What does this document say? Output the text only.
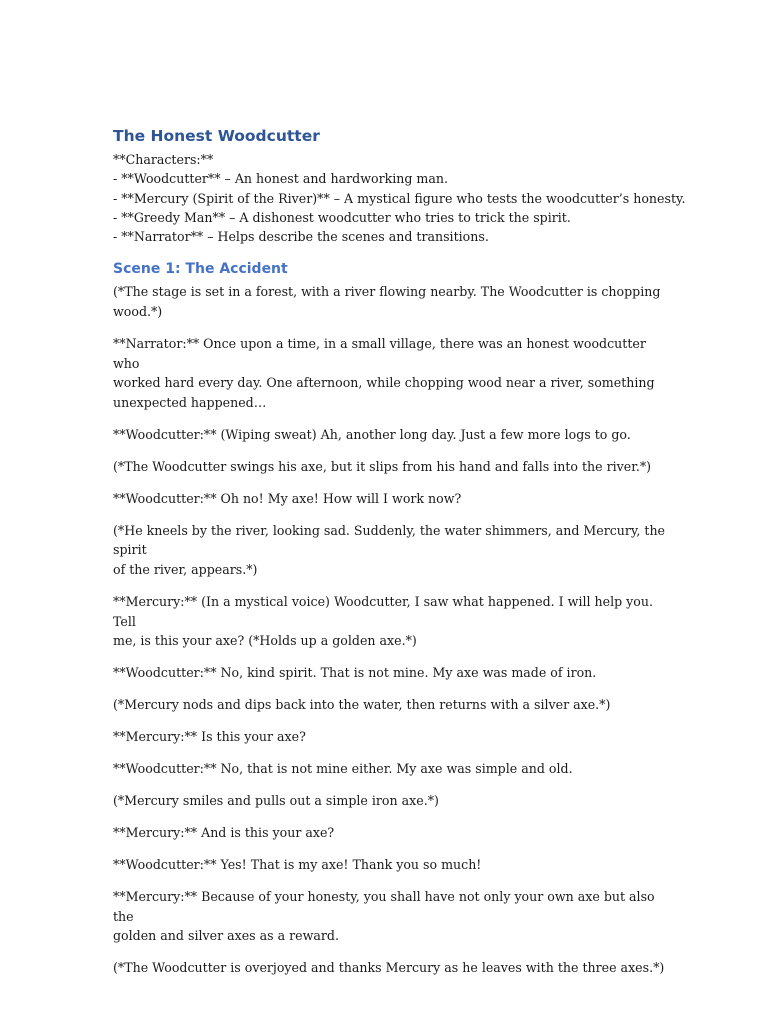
The Honest Woodcutter

**Characters:**

- **Woodcutter** – An honest and hardworking man.

- **Mercury (Spirit of the River)** – A mystical figure who tests the woodcutter’s honesty.

- **Greedy Man** – A dishonest woodcutter who tries to trick the spirit.

- **Narrator** – Helps describe the scenes and transitions.

Scene 1: The Accident
(*The stage is set in a forest, with a river flowing nearby. The Woodcutter is chopping
wood.*)
**Narrator:** Once upon a time, in a small village, there was an honest woodcutter who
worked hard every day. One afternoon, while chopping wood near a river, something
unexpected happened…
**Woodcutter:** (Wiping sweat) Ah, another long day. Just a few more logs to go.
(*The Woodcutter swings his axe, but it slips from his hand and falls into the river.*)
**Woodcutter:** Oh no! My axe! How will I work now?
(*He kneels by the river, looking sad. Suddenly, the water shimmers, and Mercury, the spirit
of the river, appears.*)
**Mercury:** (In a mystical voice) Woodcutter, I saw what happened. I will help you. Tell
me, is this your axe? (*Holds up a golden axe.*)
**Woodcutter:** No, kind spirit. That is not mine. My axe was made of iron.
(*Mercury nods and dips back into the water, then returns with a silver axe.*)
**Mercury:** Is this your axe?
**Woodcutter:** No, that is not mine either. My axe was simple and old.
(*Mercury smiles and pulls out a simple iron axe.*)
**Mercury:** And is this your axe?
**Woodcutter:** Yes! That is my axe! Thank you so much!
**Mercury:** Because of your honesty, you shall have not only your own axe but also the
golden and silver axes as a reward.
(*The Woodcutter is overjoyed and thanks Mercury as he leaves with the three axes.*)
